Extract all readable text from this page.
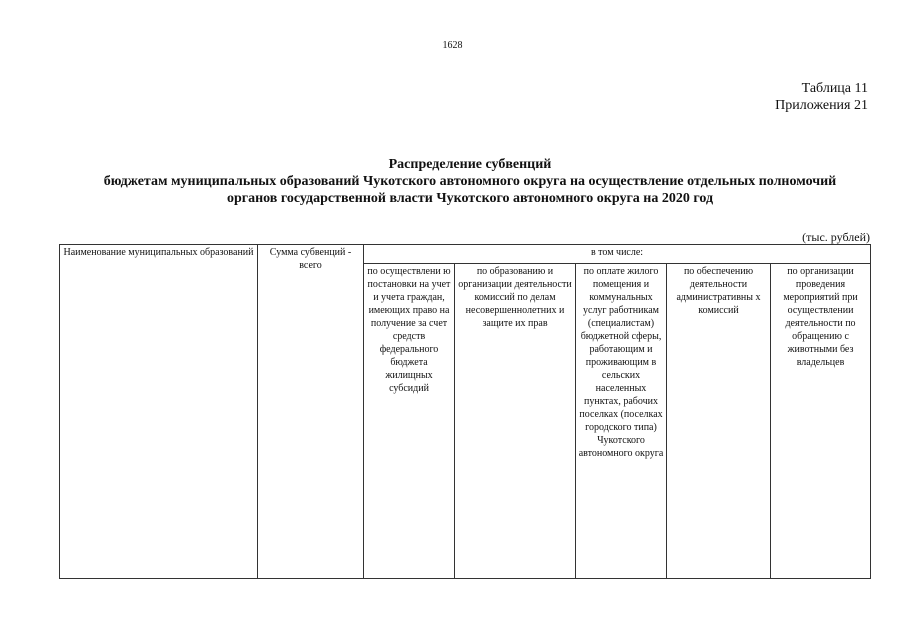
1628
Таблица 11
Приложения 21
Распределение субвенций
бюджетам муниципальных образований Чукотского автономного округа на осуществление отдельных полномочий
органов государственной власти Чукотского автономного округа на 2020 год
(тыс. рублей)
Наименование муниципальных образований	Сумма субвенций - всего	в том числе:				
		по осуществлени ю постановки на учет и учета граждан, имеющих право на получение за счет средств федерального бюджета жилищных субсидий	по образованию и организации деятельности комиссий по делам несовершеннолетних и защите их прав	по оплате жилого помещения и коммунальных услуг работникам (специалистам) бюджетной сферы, работающим и проживающим в сельских населенных пунктах, рабочих поселках (поселках городского типа) Чукотского автономного округа	по обеспечению деятельности административны х комиссий	по организации проведения мероприятий при осуществлении деятельности по обращению с животными без владельцев
